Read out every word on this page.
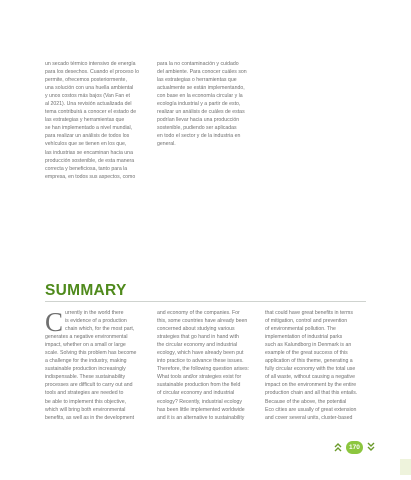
un secado térmico intensivo de energía
para los desechos. Cuando el proceso lo
permite, ofrecemos posteriormente,
una solución con una huella ambiental
y unos costos más bajos (Van Fan et
al 2021). Una revisión actualizada del
tema contribuirá a conocer el estado de
las estrategias y herramientas que
se han implementado a nivel mundial,
para realizar un análisis de todos los
vehículos que se tienen en los que,
las industrias se encaminan hacia una
producción sostenible, de esta manera
correcta y beneficiosa, tanto para la
empresa, en todos sus aspectos, como
para la no contaminación y cuidado
del ambiente. Para conocer cuáles son
las estrategias o herramientas que
actualmente se están implementando,
con base en la economía circular y la
ecología industrial y a partir de esto,
realizar un análisis de cuáles de estas
podrían llevar hacia una producción
sostenible, pudiendo ser aplicadas
en todo el sector y de la industria en
general.
SUMMARY
C urrently in the world there
is evidence of a production
chain which, for the most part,
generates a negative environmental
impact, whether on a small or large
scale. Solving this problem has become
a challenge for the industry, making
sustainable production increasingly
indispensable. These sustainability
processes are difficult to carry out and
tools and strategies are needed to
be able to implement this objective,
which will bring both environmental
benefits, as well as in the development
and economy of the companies. For
this, some countries have already been
concerned about studying various
strategies that go hand in hand with
the circular economy and industrial
ecology, which have already been put
into practice to advance these issues.
Therefore, the following question arises:
What tools and/or strategies exist for
sustainable production from the field
of circular economy and industrial
ecology? Recently, industrial ecology
has been little implemented worldwide
and it is an alternative to sustainability
that could have great benefits in terms
of mitigation, control and prevention
of environmental pollution. The
implementation of industrial parks
such as Kalundborg in Denmark is an
example of the great success of this
application of this theme, generating a
fully circular economy with the total use
of all waste, without causing a negative
impact on the environment by the entire
production chain and all that this entails.
Because of the above, the potential
Eco cities are usually of great extension
and cover several units, cluster-based
170
